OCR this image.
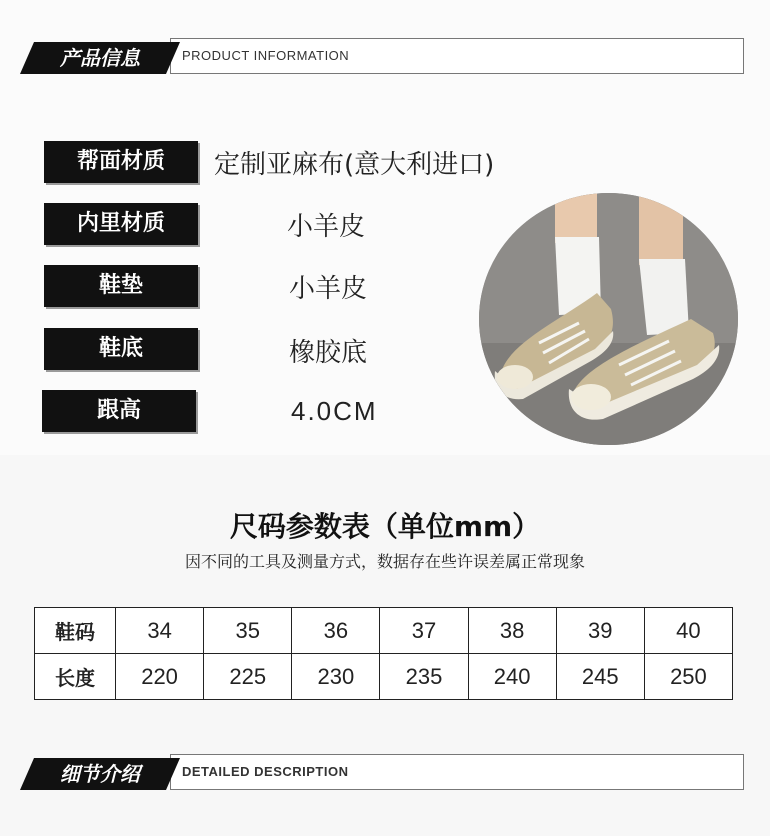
产品信息	PRODUCT INFORMATION
帮面材质	定制亚麻布(意大利进口)
内里材质	小羊皮
鞋垫	小羊皮
鞋底	橡胶底
跟高	4.0CM
尺码参数表（单位mm）
因不同的工具及测量方式，数据存在些许误差属正常现象
鞋码	34	35	36	37	38	39	40
长度	220	225	230	235	240	245	250
细节介绍	DETAILED DESCRIPTION
